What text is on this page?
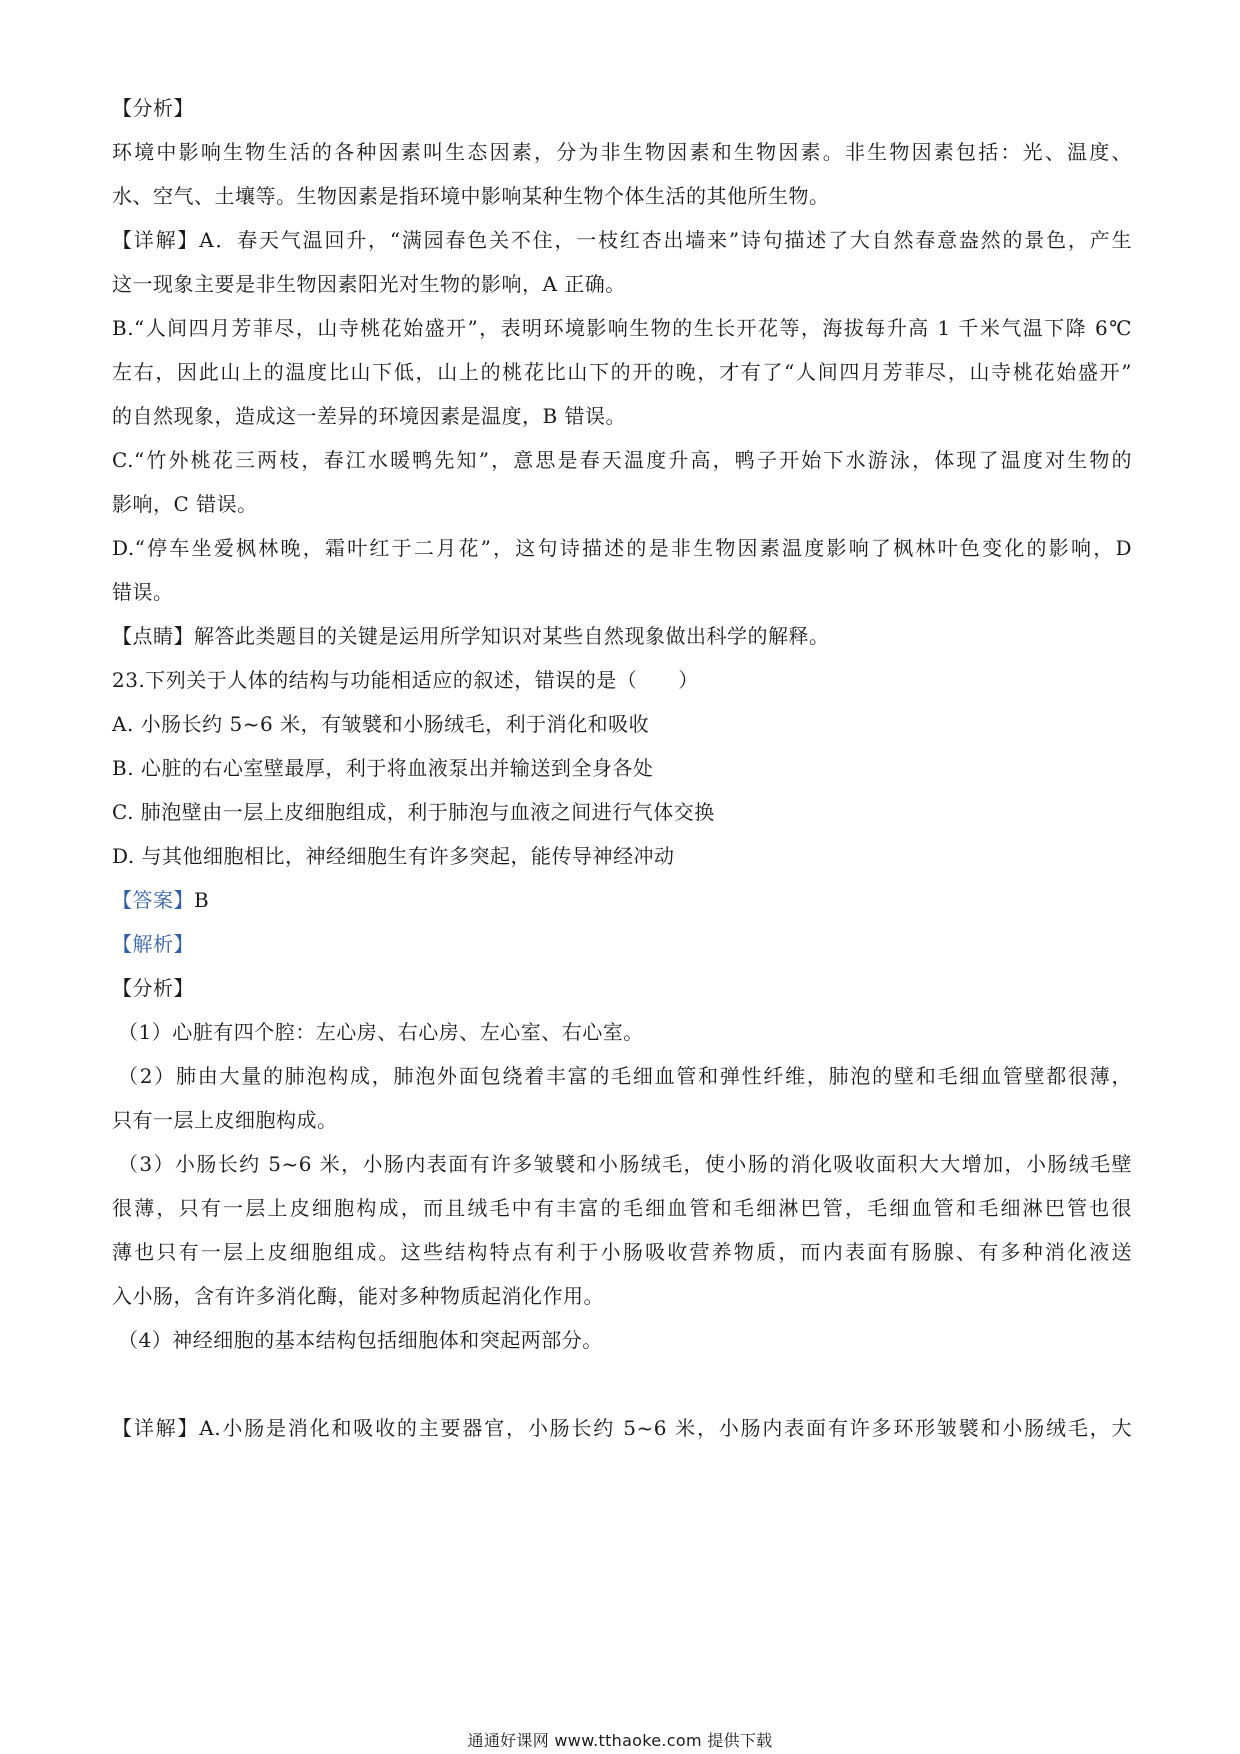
【分析】
环境中影响生物生活的各种因素叫生态因素，分为非生物因素和生物因素。非生物因素包括：光、温度、
水、空气、土壤等。生物因素是指环境中影响某种生物个体生活的其他所生物。
【详解】A．春天气温回升，“满园春色关不住，一枝红杏出墙来”诗句描述了大自然春意盎然的景色，产生
这一现象主要是非生物因素阳光对生物的影响，A 正确。
B.“人间四月芳菲尽，山寺桃花始盛开”，表明环境影响生物的生长开花等，海拔每升高 1 千米气温下降 6℃
左右，因此山上的温度比山下低，山上的桃花比山下的开的晚，才有了“人间四月芳菲尽，山寺桃花始盛开”
的自然现象，造成这一差异的环境因素是温度，B 错误。
C.“竹外桃花三两枝，春江水暖鸭先知”，意思是春天温度升高，鸭子开始下水游泳，体现了温度对生物的
影响，C 错误。
D.“停车坐爱枫林晚，霜叶红于二月花”，这句诗描述的是非生物因素温度影响了枫林叶色变化的影响，D
错误。
【点睛】解答此类题目的关键是运用所学知识对某些自然现象做出科学的解释。
23.下列关于人体的结构与功能相适应的叙述，错误的是（　　）
A. 小肠长约 5~6 米，有皱襞和小肠绒毛，利于消化和吸收
B. 心脏的右心室壁最厚，利于将血液泵出并输送到全身各处
C. 肺泡壁由一层上皮细胞组成，利于肺泡与血液之间进行气体交换
D. 与其他细胞相比，神经细胞生有许多突起，能传导神经冲动
【答案】B
【解析】
【分析】
（1）心脏有四个腔：左心房、右心房、左心室、右心室。
（2）肺由大量的肺泡构成，肺泡外面包绕着丰富的毛细血管和弹性纤维，肺泡的壁和毛细血管壁都很薄，
只有一层上皮细胞构成。
（3）小肠长约 5~6 米，小肠内表面有许多皱襞和小肠绒毛，使小肠的消化吸收面积大大增加，小肠绒毛壁
很薄，只有一层上皮细胞构成，而且绒毛中有丰富的毛细血管和毛细淋巴管，毛细血管和毛细淋巴管也很
薄也只有一层上皮细胞组成。这些结构特点有利于小肠吸收营养物质，而内表面有肠腺、有多种消化液送
入小肠，含有许多消化酶，能对多种物质起消化作用。
（4）神经细胞的基本结构包括细胞体和突起两部分。
【详解】A.小肠是消化和吸收的主要器官，小肠长约 5~6 米，小肠内表面有许多环形皱襞和小肠绒毛，大
通通好课网 www.tthaoke.com 提供下载
